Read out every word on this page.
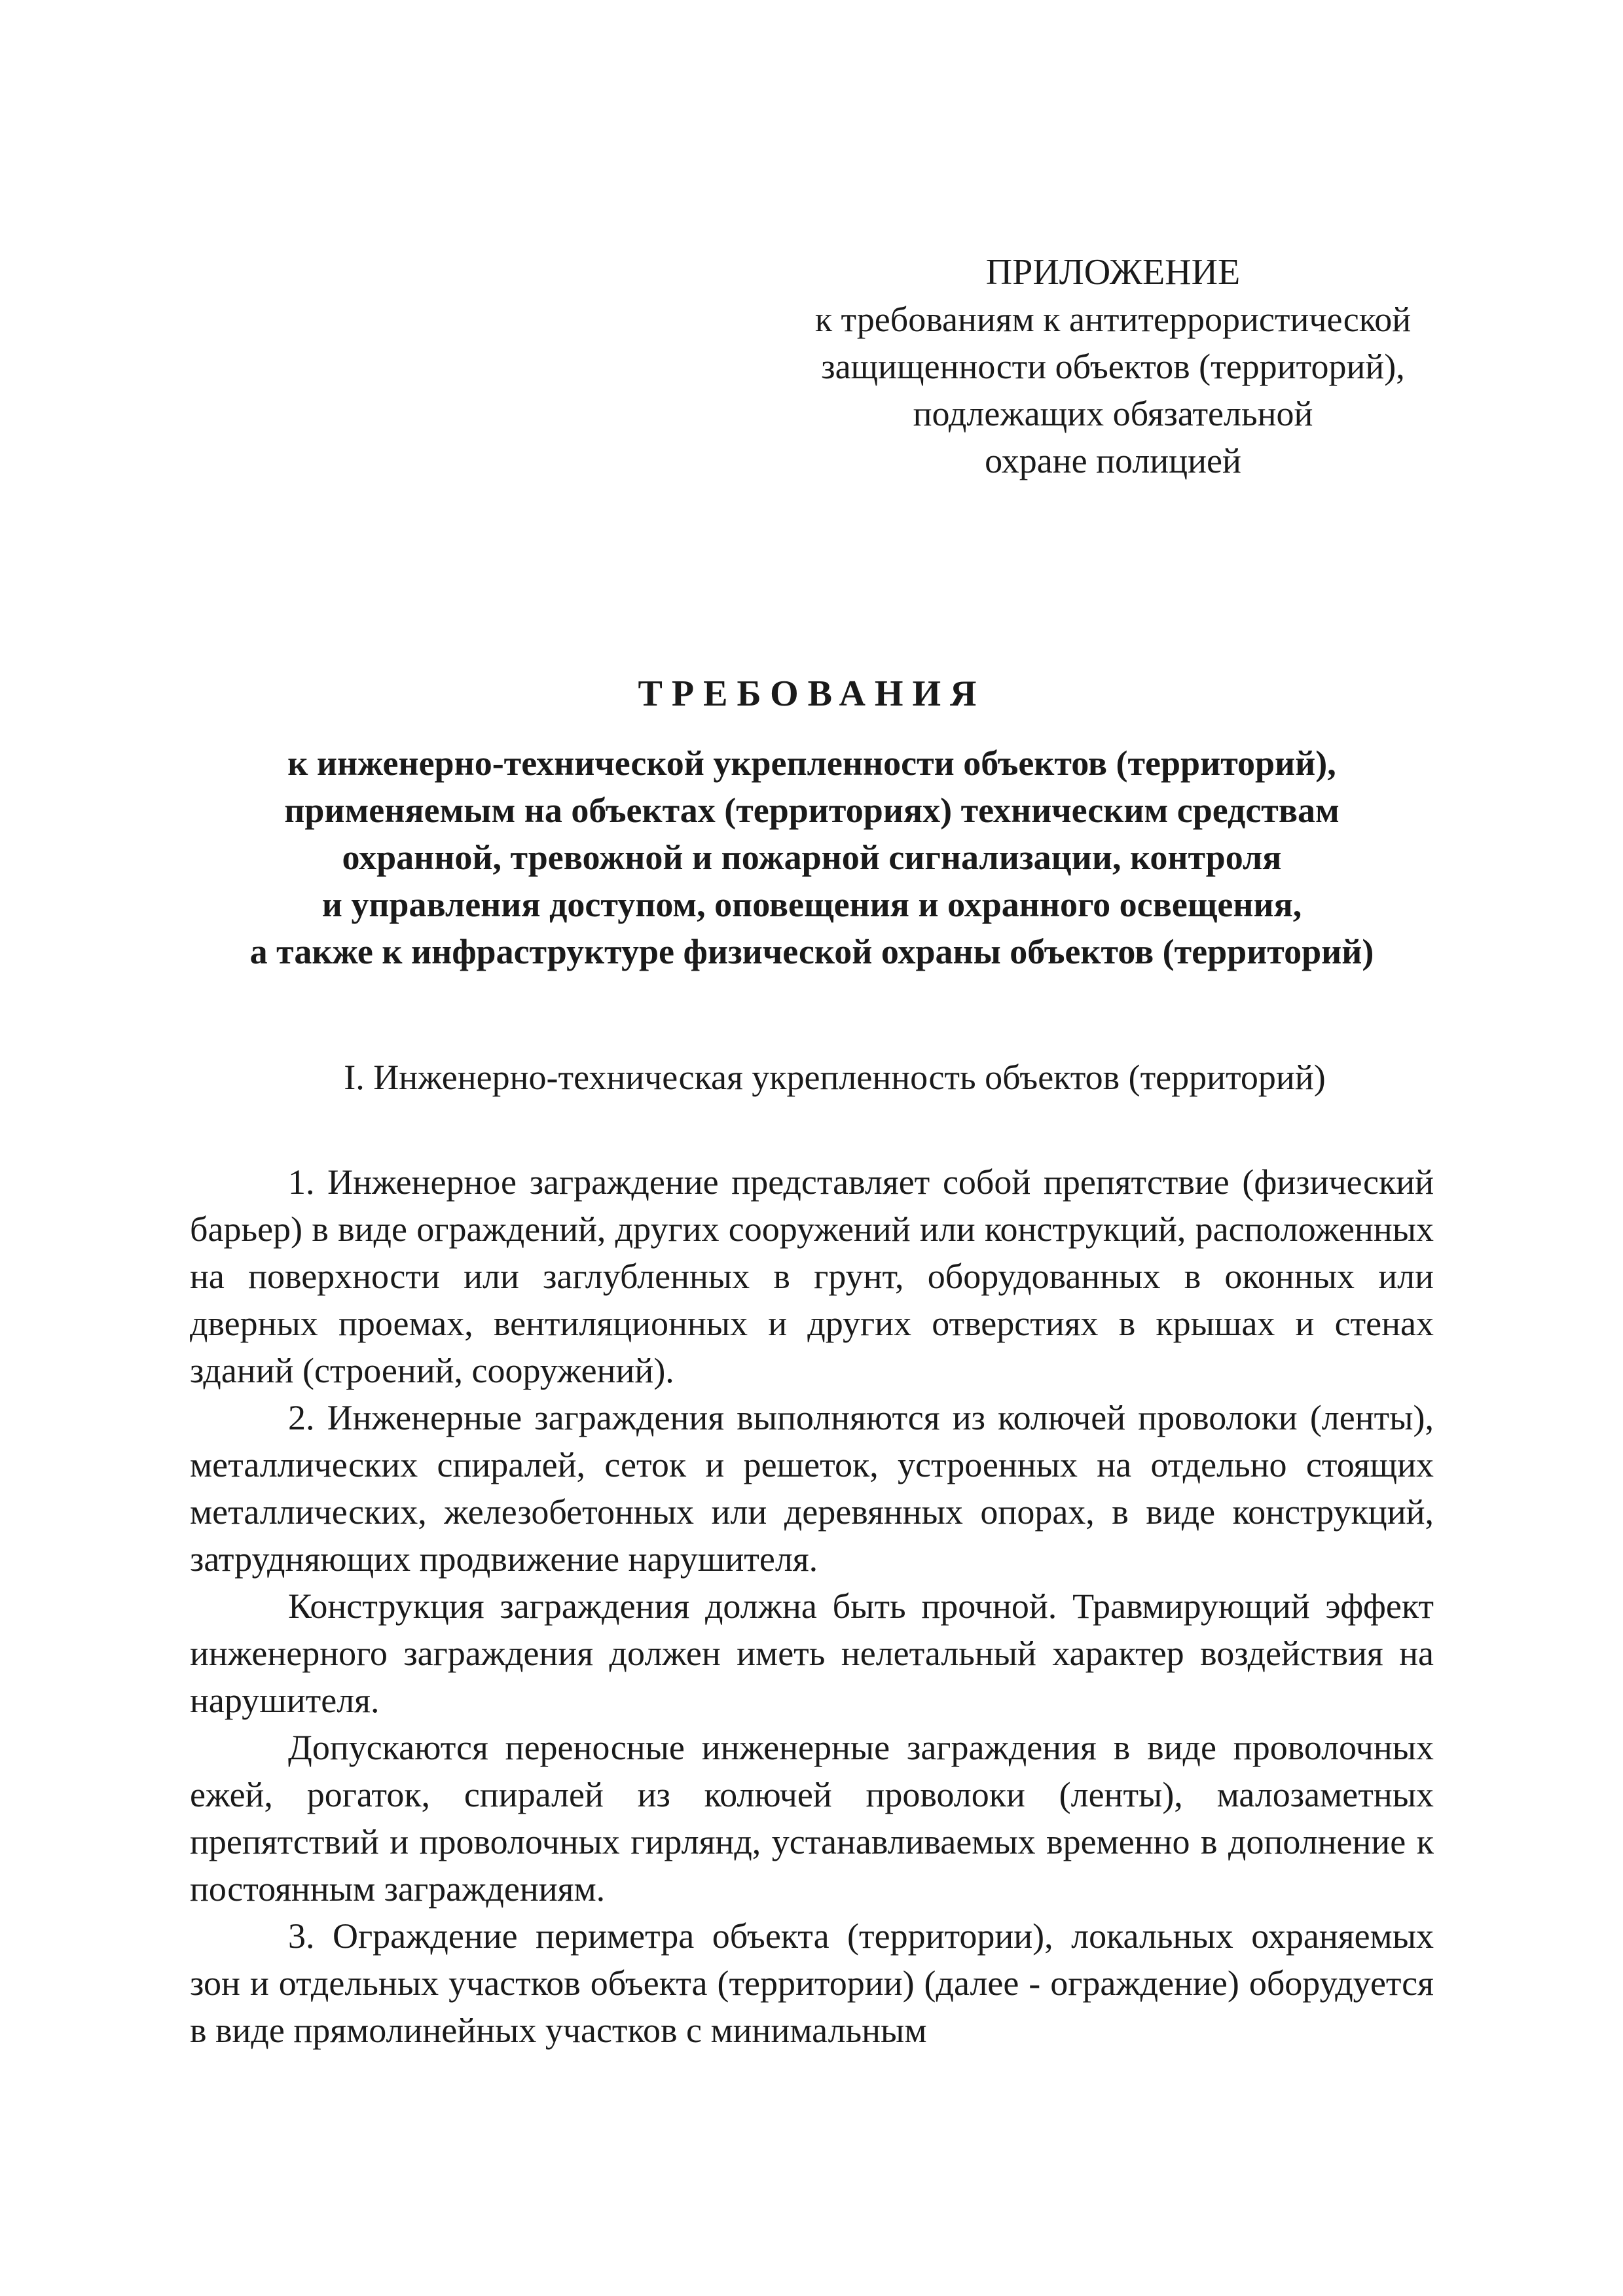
ПРИЛОЖЕНИЕ
к требованиям к антитеррористической
защищенности объектов (территорий),
подлежащих обязательной
охране полицией
ТРЕБОВАНИЯ
к инженерно-технической укрепленности объектов (территорий),
применяемым на объектах (территориях) техническим средствам
охранной, тревожной и пожарной сигнализации, контроля
и управления доступом, оповещения и охранного освещения,
а также к инфраструктуре физической охраны объектов (территорий)
I. Инженерно-техническая укрепленность объектов (территорий)

1. Инженерное заграждение представляет собой препятствие (физический барьер) в виде ограждений, других сооружений или конструкций, расположенных на поверхности или заглубленных в грунт, оборудованных в оконных или дверных проемах, вентиляционных и других отверстиях в крышах и стенах зданий (строений, сооружений).

2. Инженерные заграждения выполняются из колючей проволоки (ленты), металлических спиралей, сеток и решеток, устроенных на отдельно стоящих металлических, железобетонных или деревянных опорах, в виде конструкций, затрудняющих продвижение нарушителя.

Конструкция заграждения должна быть прочной. Травмирующий эффект инженерного заграждения должен иметь нелетальный характер воздействия на нарушителя.

Допускаются переносные инженерные заграждения в виде проволочных ежей, рогаток, спиралей из колючей проволоки (ленты), малозаметных препятствий и проволочных гирлянд, устанавливаемых временно в дополнение к постоянным заграждениям.

3. Ограждение периметра объекта (территории), локальных охраняемых зон и отдельных участков объекта (территории) (далее - ограждение) оборудуется в виде прямолинейных участков с минимальным
